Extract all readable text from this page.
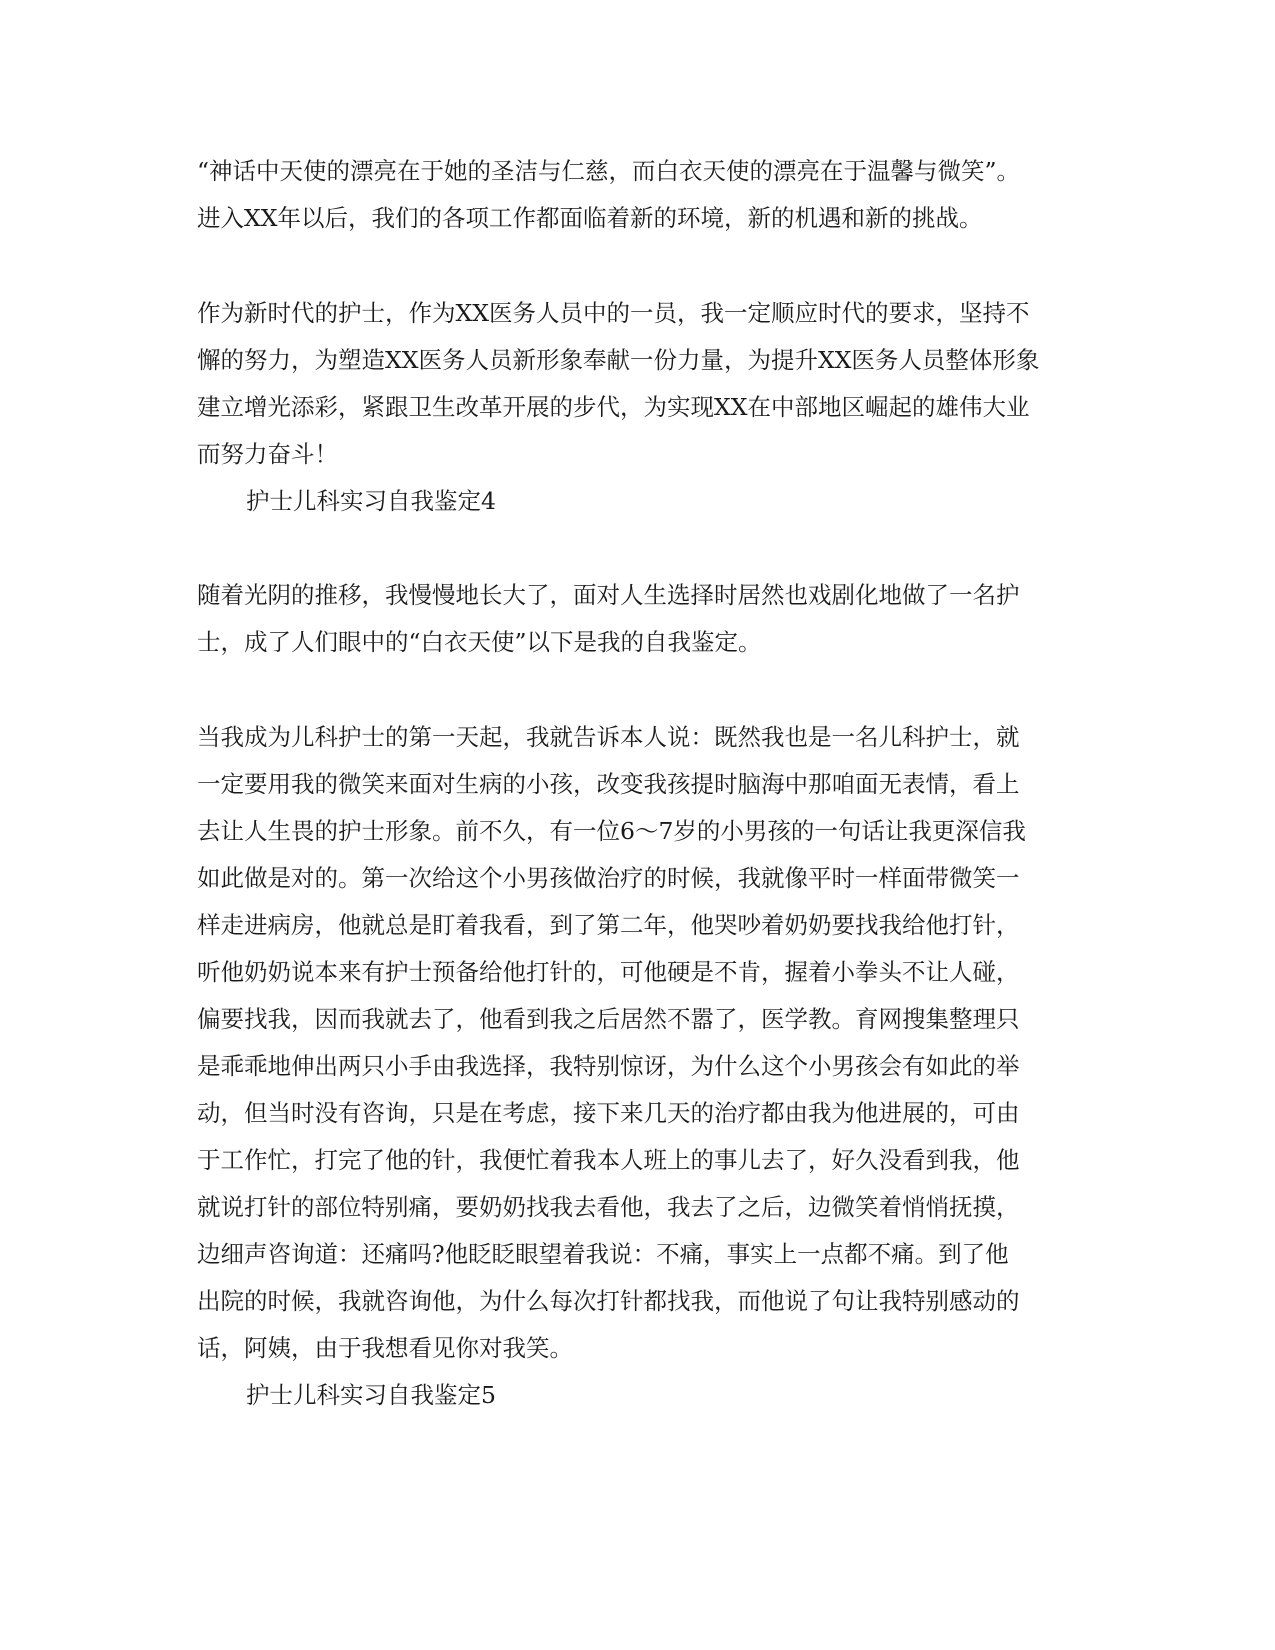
“神话中天使的漂亮在于她的圣洁与仁慈，而白衣天使的漂亮在于温馨与微笑”。
进入XX年以后，我们的各项工作都面临着新的环境，新的机遇和新的挑战。
作为新时代的护士，作为XX医务人员中的一员，我一定顺应时代的要求，坚持不
懈的努力，为塑造XX医务人员新形象奉献一份力量，为提升XX医务人员整体形象
建立增光添彩，紧跟卫生改革开展的步代，为实现XX在中部地区崛起的雄伟大业
而努力奋斗！
护士儿科实习自我鉴定4
随着光阴的推移，我慢慢地长大了，面对人生选择时居然也戏剧化地做了一名护
士，成了人们眼中的“白衣天使”以下是我的自我鉴定。
当我成为儿科护士的第一天起，我就告诉本人说：既然我也是一名儿科护士，就
一定要用我的微笑来面对生病的小孩，改变我孩提时脑海中那咱面无表情，看上
去让人生畏的护士形象。前不久，有一位6～7岁的小男孩的一句话让我更深信我
如此做是对的。第一次给这个小男孩做治疗的时候，我就像平时一样面带微笑一
样走进病房，他就总是盯着我看，到了第二年，他哭吵着奶奶要找我给他打针，
听他奶奶说本来有护士预备给他打针的，可他硬是不肯，握着小拳头不让人碰，
偏要找我，因而我就去了，他看到我之后居然不嚣了，医学教。育网搜集整理只
是乖乖地伸出两只小手由我选择，我特别惊讶，为什么这个小男孩会有如此的举
动，但当时没有咨询，只是在考虑，接下来几天的治疗都由我为他进展的，可由
于工作忙，打完了他的针，我便忙着我本人班上的事儿去了，好久没看到我，他
就说打针的部位特别痛，要奶奶找我去看他，我去了之后，边微笑着悄悄抚摸，
边细声咨询道：还痛吗?他眨眨眼望着我说：不痛，事实上一点都不痛。到了他
出院的时候，我就咨询他，为什么每次打针都找我，而他说了句让我特别感动的
话，阿姨，由于我想看见你对我笑。
护士儿科实习自我鉴定5
